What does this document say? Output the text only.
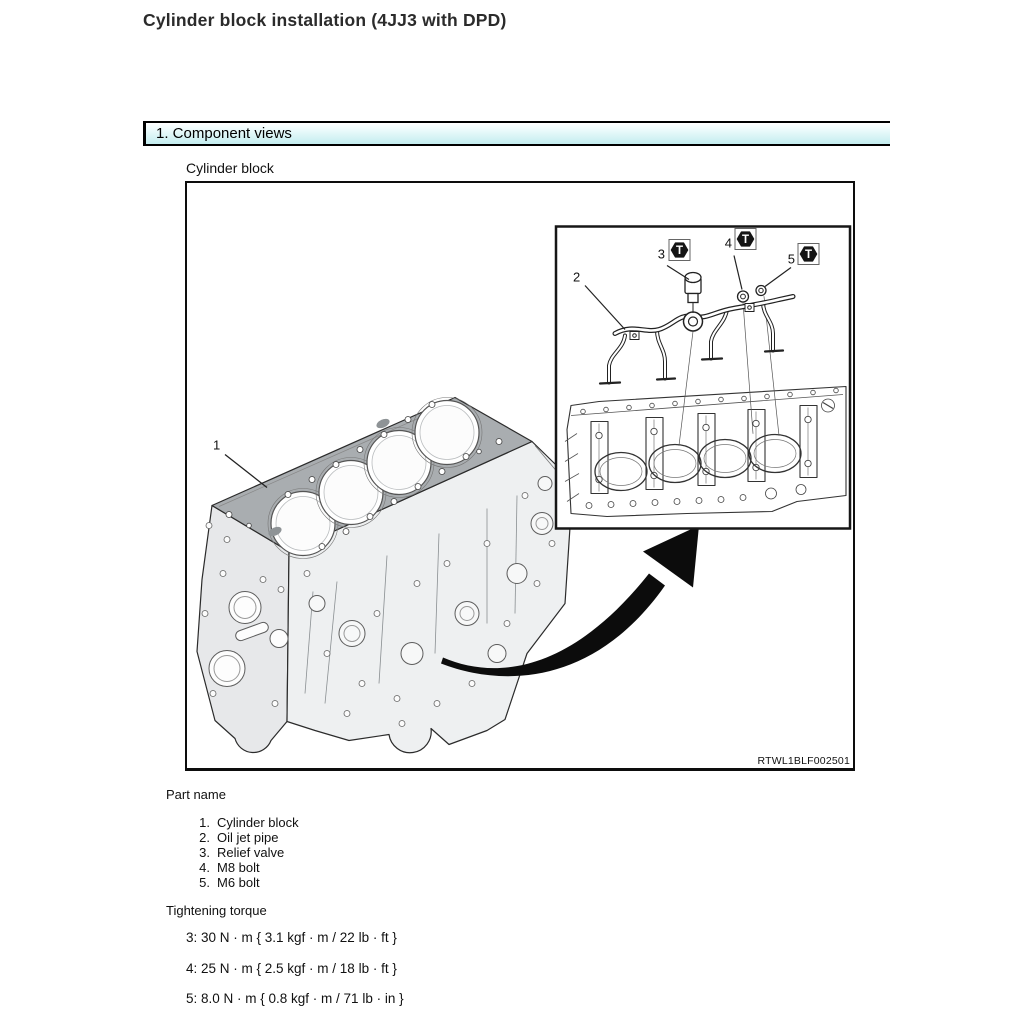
Cylinder block installation (4JJ3 with DPD)
1. Component views
Cylinder block
1
2
3 T
4 T
5 T
RTWL1BLF002501
Part name
1. Cylinder block
2. Oil jet pipe
3. Relief valve
4. M8 bolt
5. M6 bolt
Tightening torque
3: 30 N · m { 3.1 kgf · m / 22 lb · ft }
4: 25 N · m { 2.5 kgf · m / 18 lb · ft }
5: 8.0 N · m { 0.8 kgf · m / 71 lb · in }
